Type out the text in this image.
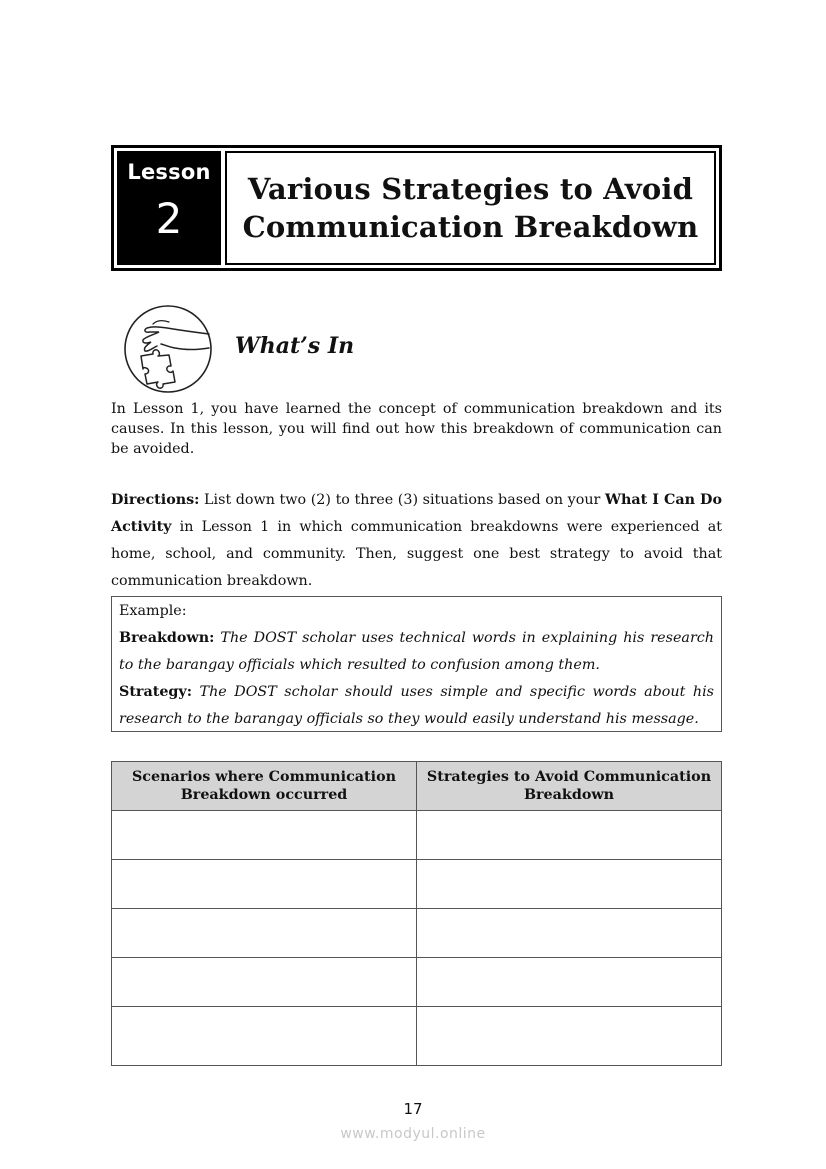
Lesson
2
Various Strategies to Avoid
Communication Breakdown
What’s In
In Lesson 1, you have learned the concept of communication breakdown and its causes. In this lesson, you will find out how this breakdown of communication can be avoided.
Directions: List down two (2) to three (3) situations based on your What I Can Do Activity in Lesson 1 in which communication breakdowns were experienced at home, school, and community. Then, suggest one best strategy to avoid that communication breakdown.

Example:

Breakdown: The DOST scholar uses technical words in explaining his research to the barangay officials which resulted to confusion among them.

Strategy: The DOST scholar should uses simple and specific words about his research to the barangay officials so they would easily understand his message.

Scenarios where Communication Breakdown occurred	Strategies to Avoid Communication Breakdown

17
www.modyul.online
